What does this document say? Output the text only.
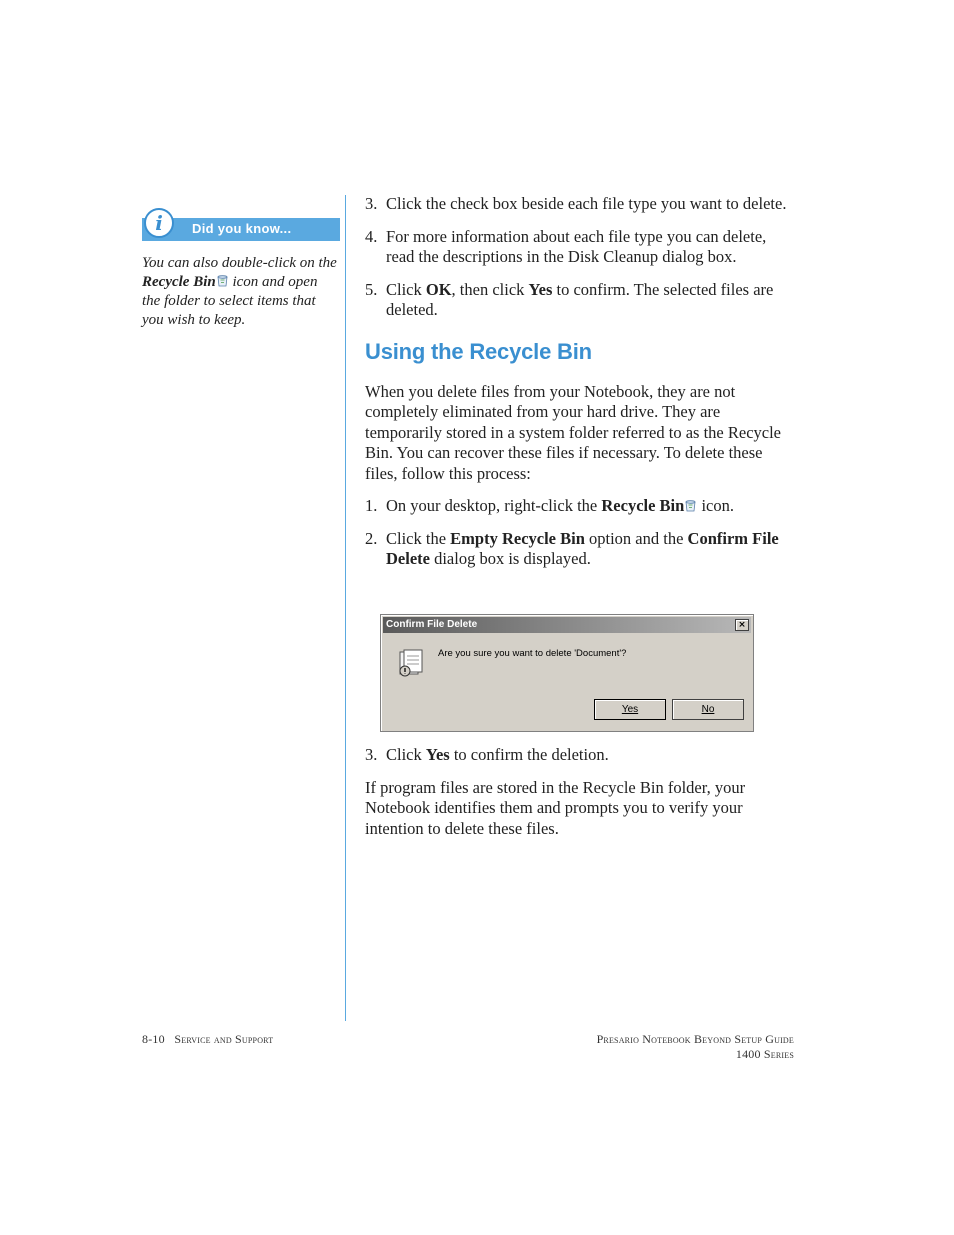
i Did you know...
You can also double-click on the Recycle Bin icon and open the folder to select items that you wish to keep.
3. Click the check box beside each file type you want to delete.
4. For more information about each file type you can delete, read the descriptions in the Disk Cleanup dialog box.
5. Click OK, then click Yes to confirm. The selected files are deleted.
Using the Recycle Bin
When you delete files from your Notebook, they are not completely eliminated from your hard drive. They are temporarily stored in a system folder referred to as the Recycle Bin. You can recover these files if necessary. To delete these files, follow this process:
1. On your desktop, right-click the Recycle Bin icon.
2. Click the Empty Recycle Bin option and the Confirm File Delete dialog box is displayed.
Confirm File Delete	×
Are you sure you want to delete 'Document'?
Yes	No
3. Click Yes to confirm the deletion.
If program files are stored in the Recycle Bin folder, your Notebook identifies them and prompts you to verify your intention to delete these files.
8-10   Service and Support	Presario Notebook Beyond Setup Guide
1400 Series
